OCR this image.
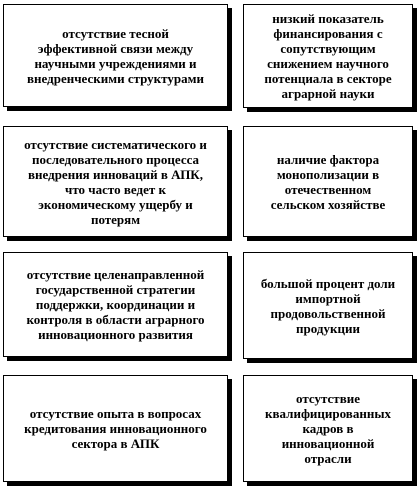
отсутствие тесной
эффективной связи между
научными учреждениями и
внедренческими структурами
низкий показатель
финансирования с
сопутствующим
снижением научного
потенциала в секторе
аграрной науки
отсутствие систематического и
последовательного процесса
внедрения инноваций в АПК,
что часто ведет к
экономическому ущербу и
потерям
наличие фактора
монополизации в
отечественном
сельском хозяйстве
отсутствие целенаправленной
государственной стратегии
поддержки, координации и
контроля в области аграрного
инновационного развития
большой процент доли
импортной
продовольственной
продукции
отсутствие опыта в вопросах
кредитования инновационного
сектора в АПК
отсутствие
квалифицированных
кадров в
инновационной
отрасли
